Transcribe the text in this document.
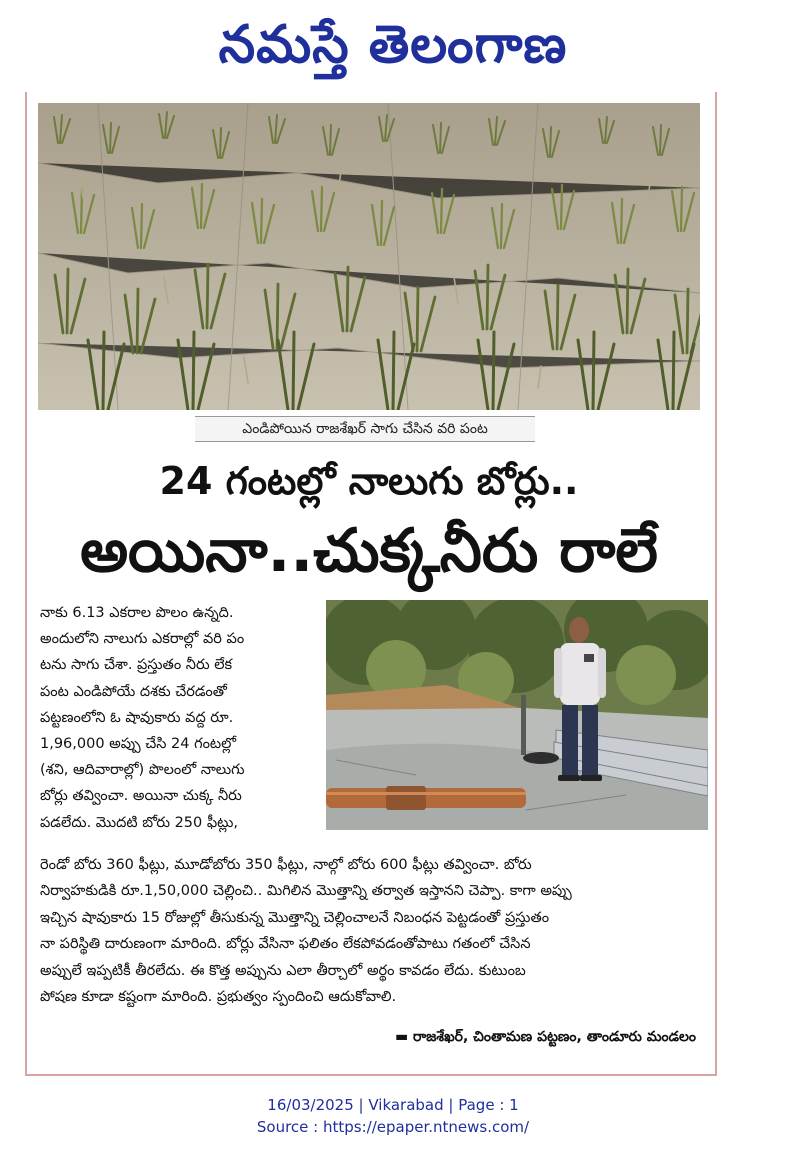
నమస్తే తెలంగాణ
ఎండిపోయిన రాజశేఖర్ సాగు చేసిన వరి పంట
24 గంటల్లో నాలుగు బోర్లు..
అయినా..చుక్కనీరు రాలే
నాకు 6.13 ఎకరాల పొలం ఉన్నది.
అందులోని నాలుగు ఎకరాల్లో వరి పం
టను సాగు చేశా. ప్రస్తుతం నీరు లేక
పంట ఎండిపోయే దశకు చేరడంతో
పట్టణంలోని ఓ షావుకారు వద్ద రూ.
1,96,000 అప్పు చేసి 24 గంటల్లో
(శని, ఆదివారాల్లో) పొలంలో నాలుగు
బోర్లు తవ్వించా. అయినా చుక్క నీరు
పడలేదు. మొదటి బోరు 250 ఫీట్లు,
రెండో బోరు 360 ఫీట్లు, మూడోబోరు 350 ఫీట్లు, నాల్గో బోరు 600 ఫీట్లు తవ్వించా. బోరు
నిర్వాహకుడికి రూ.1,50,000 చెల్లించి.. మిగిలిన మొత్తాన్ని తర్వాత ఇస్తానని చెప్పా. కాగా అప్పు
ఇచ్చిన షావుకారు 15 రోజుల్లో తీసుకున్న మొత్తాన్ని చెల్లించాలనే నిబంధన పెట్టడంతో ప్రస్తుతం
నా పరిస్థితి దారుణంగా మారింది. బోర్లు వేసినా ఫలితం లేకపోవడంతోపాటు గతంలో చేసిన
అప్పులే ఇప్పటికీ తీరలేదు. ఈ కొత్త అప్పును ఎలా తీర్చాలో అర్థం కావడం లేదు. కుటుంబ
పోషణ కూడా కష్టంగా మారింది. ప్రభుత్వం స్పందించి ఆదుకోవాలి.
▬ రాజశేఖర్, చింతామణ పట్టణం, తాండూరు మండలం
16/03/2025 | Vikarabad | Page : 1
Source : https://epaper.ntnews.com/
